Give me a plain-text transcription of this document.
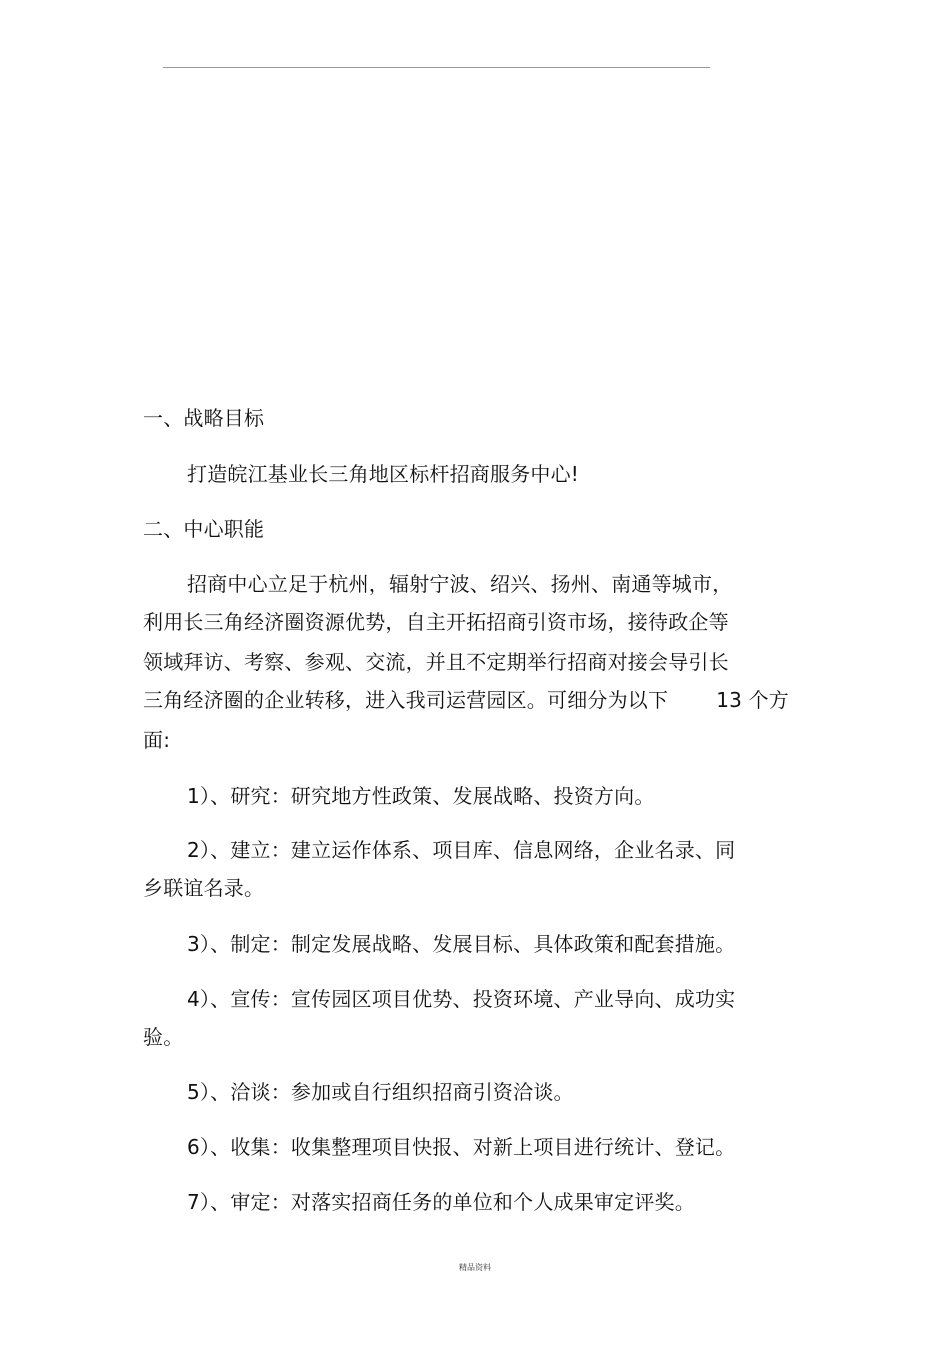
一、战略目标
打造皖江基业长三角地区标杆招商服务中心!
二、中心职能
招商中心立足于杭州，辐射宁波、绍兴、扬州、南通等城市，
利用长三角经济圈资源优势，自主开拓招商引资市场，接待政企等
领域拜访、考察、参观、交流，并且不定期举行招商对接会导引长
三角经济圈的企业转移，进入我司运营园区。可细分为以下 13 个方
面:
1）、研究：研究地方性政策、发展战略、投资方向。
2）、建立：建立运作体系、项目库、信息网络，企业名录、同
乡联谊名录。
3）、制定：制定发展战略、发展目标、具体政策和配套措施。
4）、宣传：宣传园区项目优势、投资环境、产业导向、成功实
验。
5）、洽谈：参加或自行组织招商引资洽谈。
6）、收集：收集整理项目快报、对新上项目进行统计、登记。
7）、审定：对落实招商任务的单位和个人成果审定评奖。
精品资料
